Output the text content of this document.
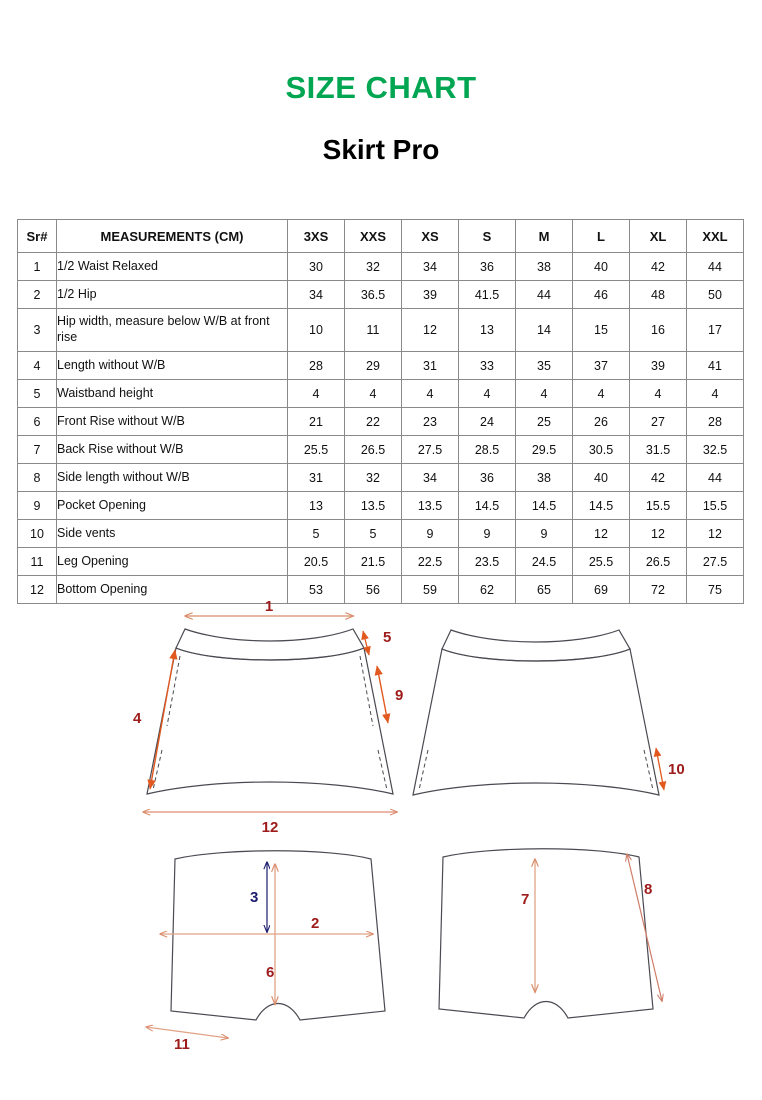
SIZE CHART
Skirt Pro
Sr#	MEASUREMENTS (CM)	3XS	XXS	XS	S	M	L	XL	XXL
1	1/2 Waist Relaxed	30	32	34	36	38	40	42	44
2	1/2 Hip	34	36.5	39	41.5	44	46	48	50
3	Hip width, measure below W/B at front rise	10	11	12	13	14	15	16	17
4	Length without W/B	28	29	31	33	35	37	39	41
5	Waistband height	4	4	4	4	4	4	4	4
6	Front Rise without W/B	21	22	23	24	25	26	27	28
7	Back Rise without W/B	25.5	26.5	27.5	28.5	29.5	30.5	31.5	32.5
8	Side length without W/B	31	32	34	36	38	40	42	44
9	Pocket Opening	13	13.5	13.5	14.5	14.5	14.5	15.5	15.5
10	Side vents	5	5	9	9	9	12	12	12
11	Leg Opening	20.5	21.5	22.5	23.5	24.5	25.5	26.5	27.5
12	Bottom Opening	53	56	59	62	65	69	72	75
1
5
4
9
12
10
3
2
6
11
7
8
